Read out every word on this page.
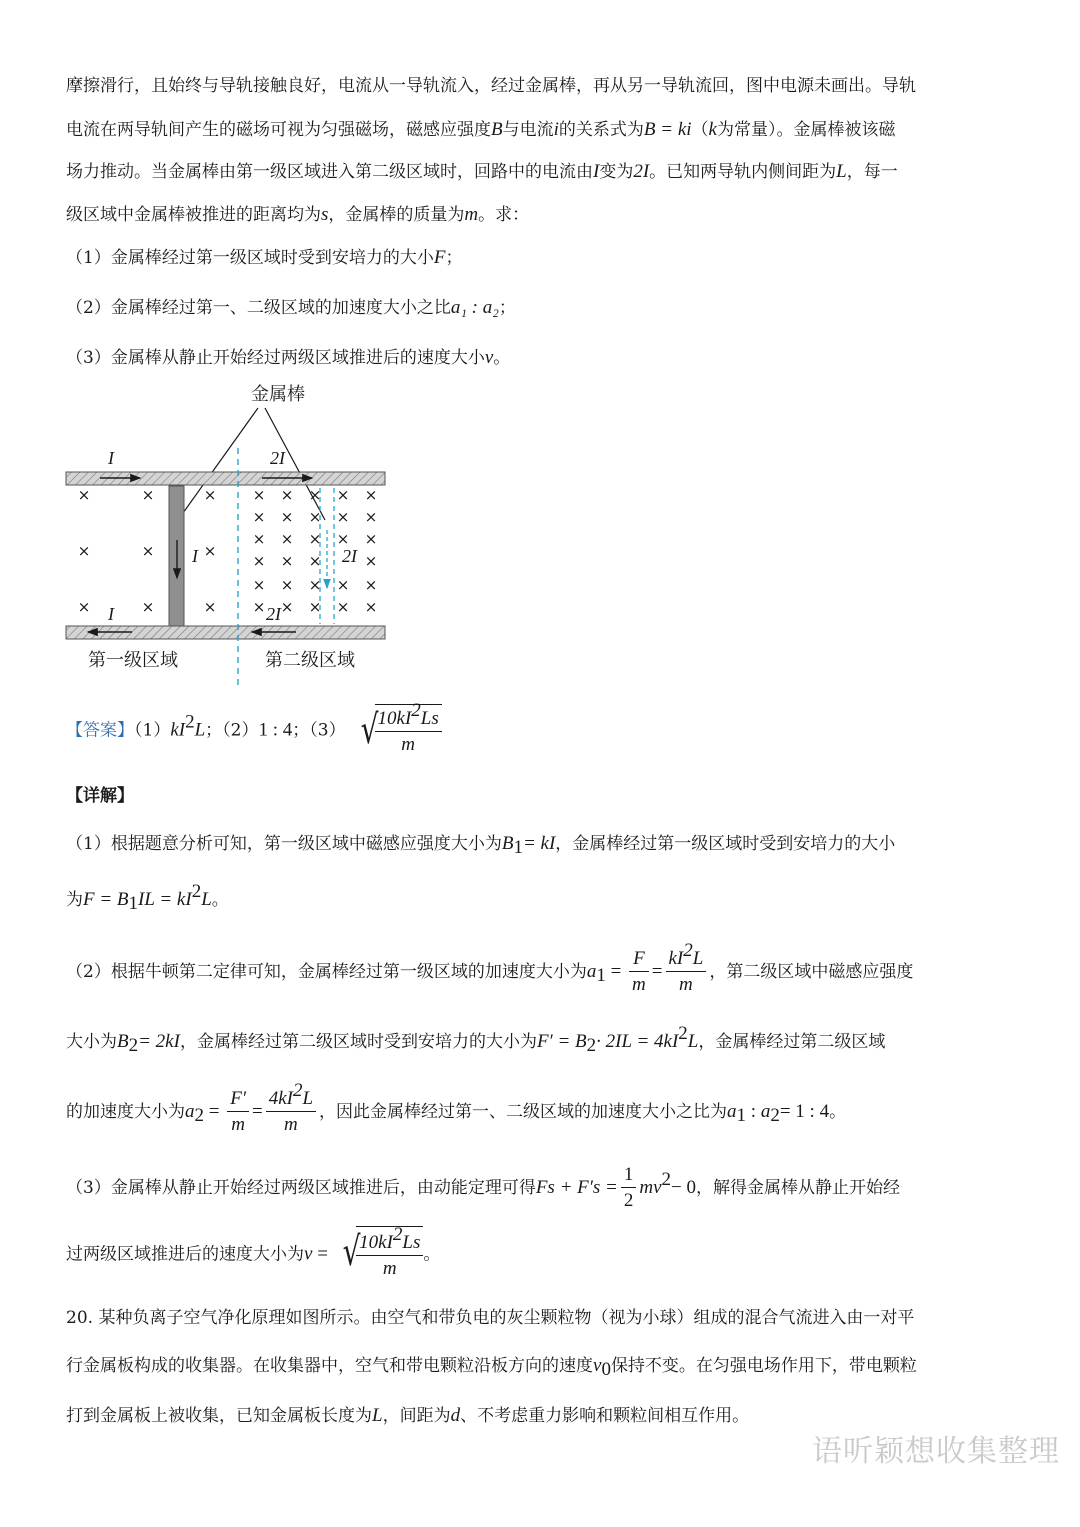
摩擦滑行，且始终与导轨接触良好，电流从一导轨流入，经过金属棒，再从另一导轨流回，图中电源未画出。导轨
电流在两导轨间产生的磁场可视为匀强磁场，磁感应强度B与电流i的关系式为B = ki（k为常量）。金属棒被该磁
场力推动。当金属棒由第一级区域进入第二级区域时，回路中的电流由I变为2I。已知两导轨内侧间距为L，每一
级区域中金属棒被推进的距离均为s，金属棒的质量为m。求：
（1）金属棒经过第一级区域时受到安培力的大小F；
（2）金属棒经过第一、二级区域的加速度大小之比a₁ : a₂；
（3）金属棒从静止开始经过两级区域推进后的速度大小v。
金属棒
I	2I
I	2I
I	2I
×	×	×
×	×	×
×	×	×
× × × × ×
× × × × ×
× × × × ×
× × ×	×
× × × × ×
× × × × ×
第一级区域	第二级区域
【答案】$(1)kI^2L$；（2）1 : 4；（3） √
$\frac{10kI^2Ls}{m}$
【详解】
（1）根据题意分析可知，第一级区域中磁感应强度大小为$B_1=$ kI，金属棒经过第一级区域时受到安培力的大小
为$F = B_1IL = kI^2L$。
（2）根据牛顿第二定律可知，金属棒经过第一级区域的加速度大小为$a_1 = \frac{F}{m} = \frac{kI^2L}{m}$ ，第二级区域中磁感应强度
大小为$B_2= 2kI$，金属棒经过第二级区域时受到安培力的大小为$F' = B_2\cdot 2IL = 4kI^2L$，金属棒经过第二级区域
的加速度大小为$a_2 = \frac{F'}{m} = \frac{4kI^2L}{m}$ ，因此金属棒经过第一、二级区域的加速度大小之比为$a_1$ : $a_2= 1$ : 4。
（3）金属棒从静止开始经过两级区域推进后，由动能定理可得$Fs + F's = \frac{1}{2} mv^2- 0$，解得金属棒从静止开始经
过两级区域推进后的速度大小为v = √
$\frac{10kI^2Ls}{m}$ 。
20. 某种负离子空气净化原理如图所示。由空气和带负电的灰尘颗粒物（视为小球）组成的混合气流进入由一对平
行金属板构成的收集器。在收集器中，空气和带电颗粒沿板方向的速度$v_0$保持不变。在匀强电场作用下，带电颗粒
打到金属板上被收集，已知金属板长度为L，间距为d、不考虑重力影响和颗粒间相互作用。
语听颖想收集整理
